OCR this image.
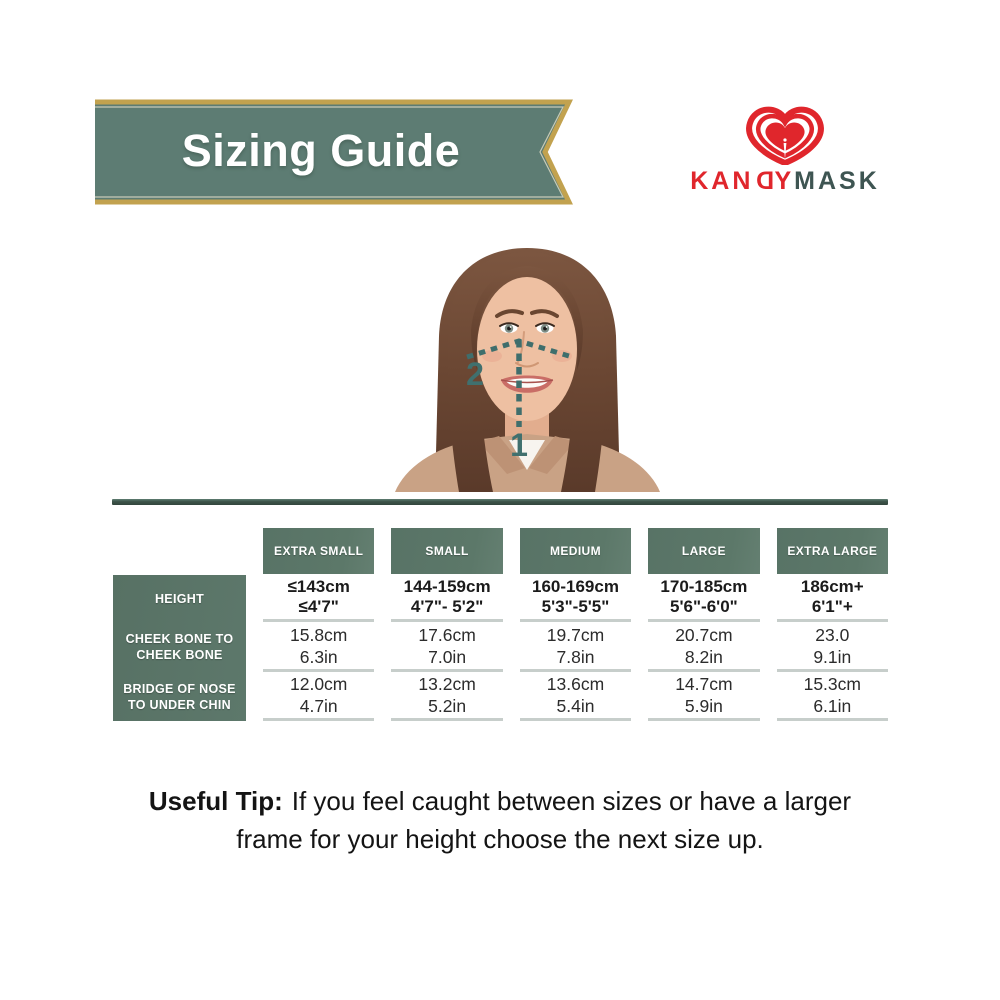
Sizing Guide
KANDYMASK
1
2
HEIGHT
CHEEK BONE TO
CHEEK BONE
BRIDGE OF NOSE
TO UNDER CHIN
EXTRA SMALL
≤143cm
≤4'7"
15.8cm
6.3in
12.0cm
4.7in
SMALL
144-159cm
4'7"- 5'2"
17.6cm
7.0in
13.2cm
5.2in
MEDIUM
160-169cm
5'3"-5'5"
19.7cm
7.8in
13.6cm
5.4in
LARGE
170-185cm
5'6"-6'0"
20.7cm
8.2in
14.7cm
5.9in
EXTRA LARGE
186cm+
6'1"+
23.0
9.1in
15.3cm
6.1in
Useful Tip: If you feel caught between sizes or have a larger
frame for your height choose the next size up.
